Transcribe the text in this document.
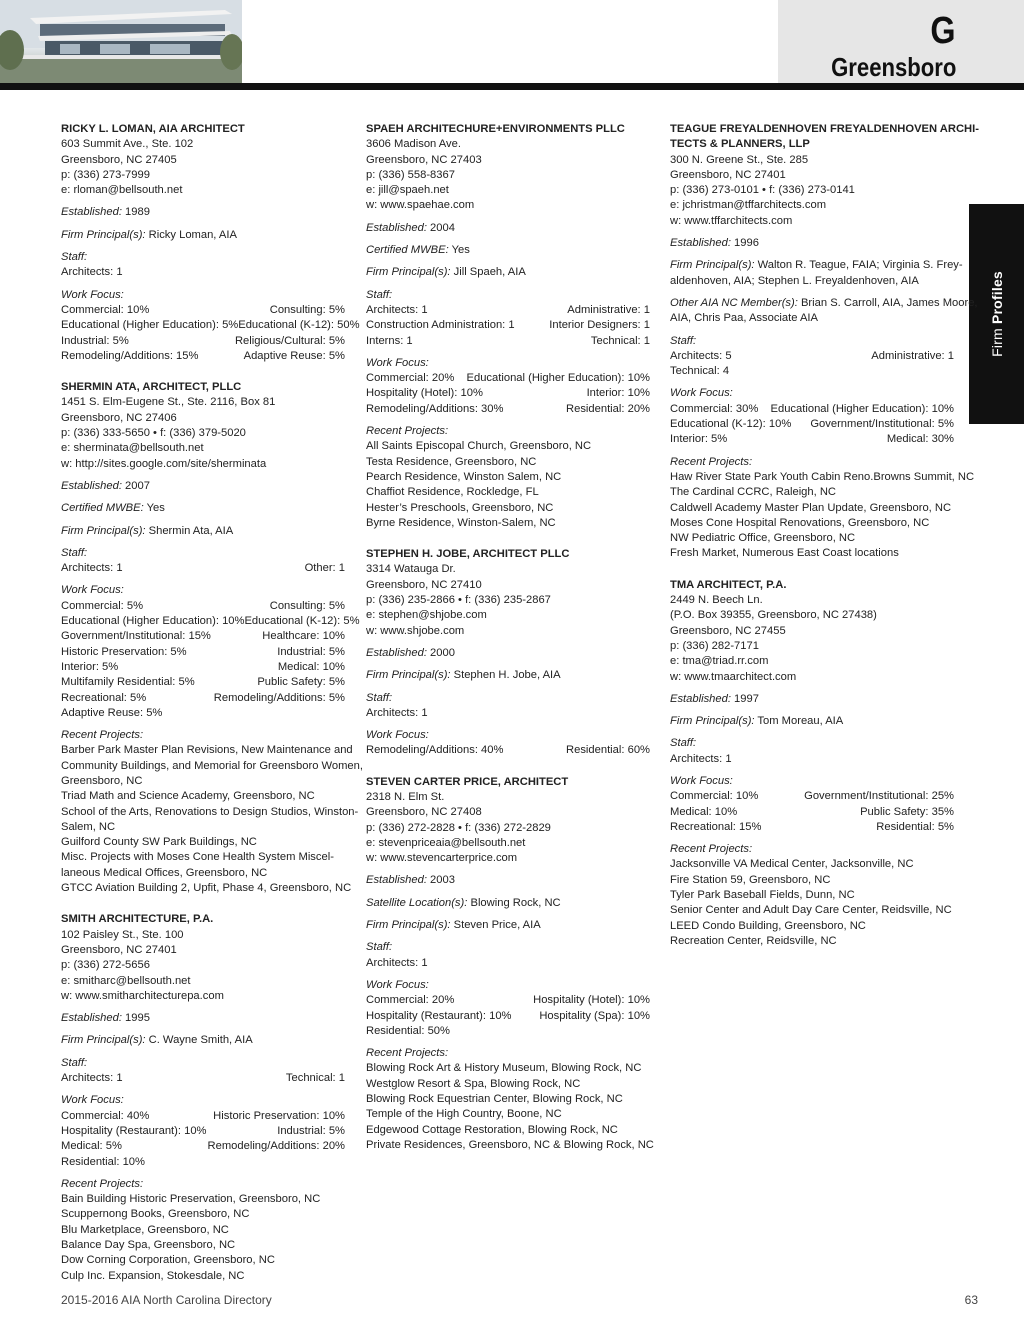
G
Greensboro
Firm Profiles
RICKY L. LOMAN, AIA ARCHITECT
603 Summit Ave., Ste. 102
Greensboro, NC 27405
p: (336) 273-7999
e: rloman@bellsouth.net
Established: 1989
Firm Principal(s): Ricky Loman, AIA
Staff:
Architects: 1
Work Focus:
Commercial: 10%	Consulting: 5%
Educational (Higher Education): 5% Educational (K-12): 50%
Industrial: 5%	Religious/Cultural: 5%
Remodeling/Additions: 15%	Adaptive Reuse: 5%
SHERMIN ATA, ARCHITECT, PLLC
1451 S. Elm-Eugene St., Ste. 2116, Box 81
Greensboro, NC 27406
p: (336) 333-5650 • f: (336) 379-5020
e: sherminata@bellsouth.net
w: http://sites.google.com/site/sherminata
Established: 2007
Certified MWBE: Yes
Firm Principal(s): Shermin Ata, AIA
Staff:
Architects: 1	Other: 1
Work Focus:
Commercial: 5%	Consulting: 5%
Educational (Higher Education): 10% Educational (K-12): 5%
Government/Institutional: 15%	Healthcare: 10%
Historic Preservation: 5%	Industrial: 5%
Interior: 5%	Medical: 10%
Multifamily Residential: 5%	Public Safety: 5%
Recreational: 5%	Remodeling/Additions: 5%
Adaptive Reuse: 5%
Recent Projects:
Barber Park Master Plan Revisions, New Maintenance and
Community Buildings, and Memorial for Greensboro Women,
Greensboro, NC
Triad Math and Science Academy, Greensboro, NC
School of the Arts, Renovations to Design Studios, Winston-
Salem, NC
Guilford County SW Park Buildings, NC
Misc. Projects with Moses Cone Health System Miscel-
laneous Medical Offices, Greensboro, NC
GTCC Aviation Building 2, Upfit, Phase 4, Greensboro, NC
SMITH ARCHITECTURE, P.A.
102 Paisley St., Ste. 100
Greensboro, NC 27401
p: (336) 272-5656
e: smitharc@bellsouth.net
w: www.smitharchitecturepa.com
Established: 1995
Firm Principal(s): C. Wayne Smith, AIA
Staff:
Architects: 1	Technical: 1
Work Focus:
Commercial: 40%	Historic Preservation: 10%
Hospitality (Restaurant): 10%	Industrial: 5%
Medical: 5%	Remodeling/Additions: 20%
Residential: 10%
Recent Projects:
Bain Building Historic Preservation, Greensboro, NC
Scuppernong Books, Greensboro, NC
Blu Marketplace, Greensboro, NC
Balance Day Spa, Greensboro, NC
Dow Corning Corporation, Greensboro, NC
Culp Inc. Expansion, Stokesdale, NC
SPAEH ARCHITECHURE+ENVIRONMENTS PLLC
3606 Madison Ave.
Greensboro, NC 27403
p: (336) 558-8367
e: jill@spaeh.net
w: www.spaehae.com
Established: 2004
Certified MWBE: Yes
Firm Principal(s): Jill Spaeh, AIA
Staff:
Architects: 1	Administrative: 1
Construction Administration: 1	Interior Designers: 1
Interns: 1	Technical: 1
Work Focus:
Commercial: 20% Educational (Higher Education): 10%
Hospitality (Hotel): 10%	Interior: 10%
Remodeling/Additions: 30%	Residential: 20%
Recent Projects:
All Saints Episcopal Church, Greensboro, NC
Testa Residence, Greensboro, NC
Pearch Residence, Winston Salem, NC
Chaffiot Residence, Rockledge, FL
Hester’s Preschools, Greensboro, NC
Byrne Residence, Winston-Salem, NC
STEPHEN H. JOBE, ARCHITECT PLLC
3314 Watauga Dr.
Greensboro, NC 27410
p: (336) 235-2866 • f: (336) 235-2867
e: stephen@shjobe.com
w: www.shjobe.com
Established: 2000
Firm Principal(s): Stephen H. Jobe, AIA
Staff:
Architects: 1
Work Focus:
Remodeling/Additions: 40%	Residential: 60%
STEVEN CARTER PRICE, ARCHITECT
2318 N. Elm St.
Greensboro, NC 27408
p: (336) 272-2828 • f: (336) 272-2829
e: stevenpriceaia@bellsouth.net
w: www.stevencarterprice.com
Established: 2003
Satellite Location(s): Blowing Rock, NC
Firm Principal(s): Steven Price, AIA
Staff:
Architects: 1
Work Focus:
Commercial: 20%	Hospitality (Hotel): 10%
Hospitality (Restaurant): 10% Hospitality (Spa): 10%
Residential: 50%
Recent Projects:
Blowing Rock Art & History Museum, Blowing Rock, NC
Westglow Resort & Spa, Blowing Rock, NC
Blowing Rock Equestrian Center, Blowing Rock, NC
Temple of the High Country, Boone, NC
Edgewood Cottage Restoration, Blowing Rock, NC
Private Residences, Greensboro, NC & Blowing Rock, NC
TEAGUE FREYALDENHOVEN FREYALDENHOVEN ARCHI-
TECTS & PLANNERS, LLP
300 N. Greene St., Ste. 285
Greensboro, NC 27401
p: (336) 273-0101 • f: (336) 273-0141
e: jchristman@tffarchitects.com
w: www.tffarchitects.com
Established: 1996
Firm Principal(s): Walton R. Teague, FAIA; Virginia S. Frey-
aldenhoven, AIA; Stephen L. Freyaldenhoven, AIA
Other AIA NC Member(s): Brian S. Carroll, AIA, James Moore,
AIA, Chris Paa, Associate AIA
Staff:
Architects: 5	Administrative: 1
Technical: 4
Work Focus:
Commercial: 30% Educational (Higher Education): 10%
Educational (K-12): 10% Government/Institutional: 5%
Interior: 5%	Medical: 30%
Recent Projects:
Haw River State Park Youth Cabin Reno.Browns Summit, NC
The Cardinal CCRC, Raleigh, NC
Caldwell Academy Master Plan Update, Greensboro, NC
Moses Cone Hospital Renovations, Greensboro, NC
NW Pediatric Office, Greensboro, NC
Fresh Market, Numerous East Coast locations
TMA ARCHITECT, P.A.
2449 N. Beech Ln.
(P.O. Box 39355, Greensboro, NC 27438)
Greensboro, NC 27455
p: (336) 282-7171
e: tma@triad.rr.com
w: www.tmaarchitect.com
Established: 1997
Firm Principal(s): Tom Moreau, AIA
Staff:
Architects: 1
Work Focus:
Commercial: 10%	Government/Institutional: 25%
Medical: 10%	Public Safety: 35%
Recreational: 15%	Residential: 5%
Recent Projects:
Jacksonville VA Medical Center, Jacksonville, NC
Fire Station 59, Greensboro, NC
Tyler Park Baseball Fields, Dunn, NC
Senior Center and Adult Day Care Center, Reidsville, NC
LEED Condo Building, Greensboro, NC
Recreation Center, Reidsville, NC
2015-2016 AIA North Carolina Directory	63
